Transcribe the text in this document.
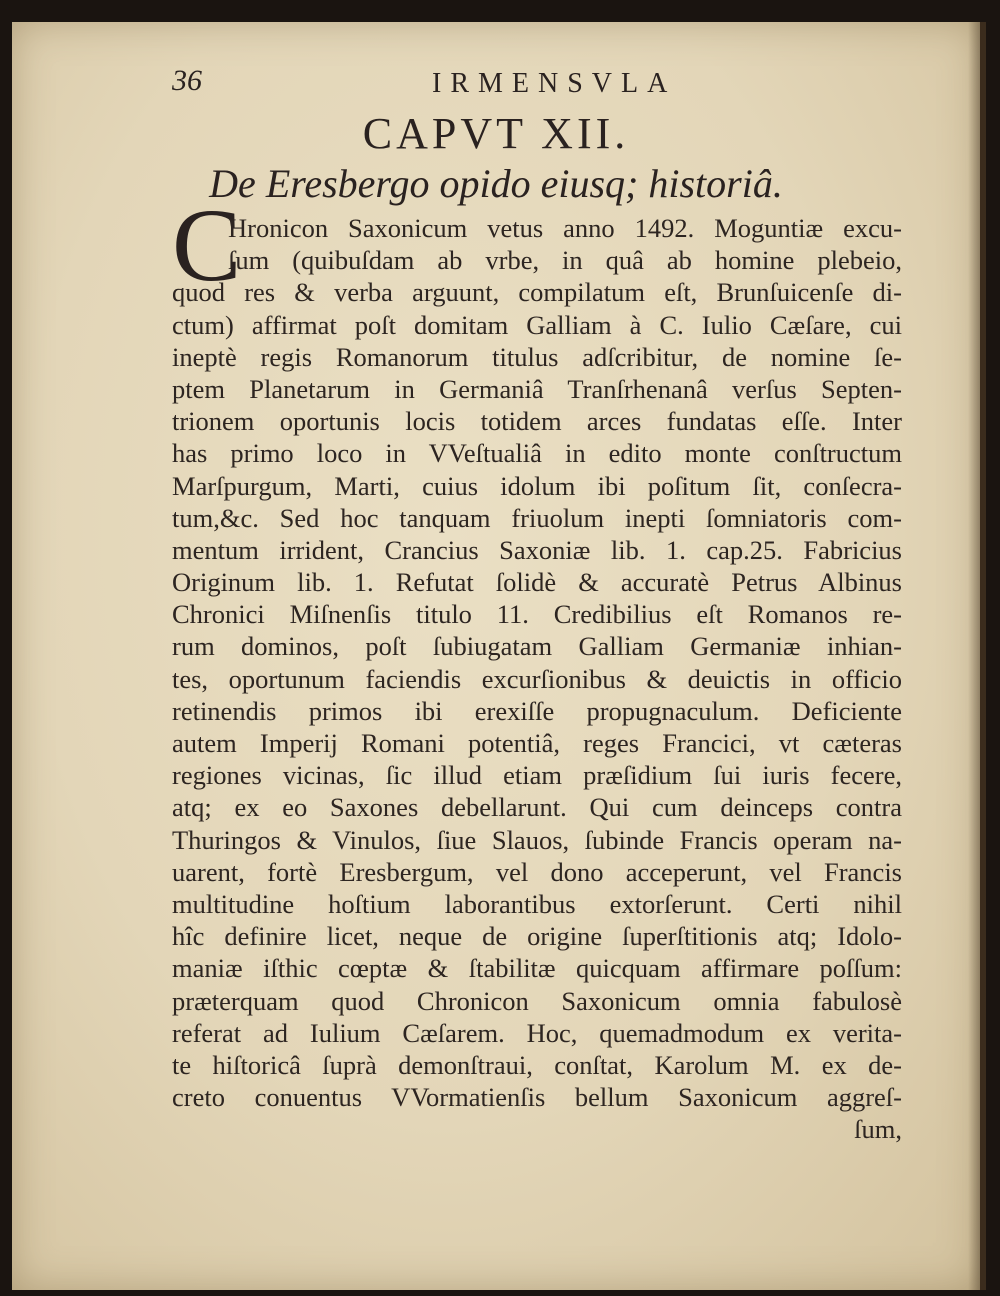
36	IRMENSVLA
CAPVT XII.
De Eresbergo opido eiusq; historiâ.
C
Hronicon Saxonicum vetus anno 1492. Moguntiæ excu-
ſum (quibuſdam ab vrbe, in quâ ab homine plebeio,
quod res & verba arguunt, compilatum eſt, Brunſuicenſe di-
ctum) affirmat poſt domitam Galliam à C. Iulio Cæſare, cui
ineptè regis Romanorum titulus adſcribitur, de nomine ſe-
ptem Planetarum in Germaniâ Tranſrhenanâ verſus Septen-
trionem oportunis locis totidem arces fundatas eſſe. Inter
has primo loco in VVeſtualiâ in edito monte conſtructum
Marſpurgum, Marti, cuius idolum ibi poſitum ſit, conſecra-
tum,&c. Sed hoc tanquam friuolum inepti ſomniatoris com-
mentum irrident, Crancius Saxoniæ lib. 1. cap.25. Fabricius
Originum lib. 1. Refutat ſolidè & accuratè Petrus Albinus
Chronici Miſnenſis titulo 11. Credibilius eſt Romanos re-
rum dominos, poſt ſubiugatam Galliam Germaniæ inhian-
tes, oportunum faciendis excurſionibus & deuictis in officio
retinendis primos ibi erexiſſe propugnaculum. Deficiente
autem Imperij Romani potentiâ, reges Francici, vt cæteras
regiones vicinas, ſic illud etiam præſidium ſui iuris fecere,
atq; ex eo Saxones debellarunt. Qui cum deinceps contra
Thuringos & Vinulos, ſiue Slauos, ſubinde Francis operam na-
uarent, fortè Eresbergum, vel dono acceperunt, vel Francis
multitudine hoſtium laborantibus extorſerunt. Certi nihil
hîc definire licet, neque de origine ſuperſtitionis atq; Idolo-
maniæ iſthic cœptæ & ſtabilitæ quicquam affirmare poſſum:
præterquam quod Chronicon Saxonicum omnia fabulosè
referat ad Iulium Cæſarem. Hoc, quemadmodum ex verita-
te hiſtoricâ ſuprà demonſtraui, conſtat, Karolum M. ex de-
creto conuentus VVormatienſis bellum Saxonicum aggreſ-
ſum,
